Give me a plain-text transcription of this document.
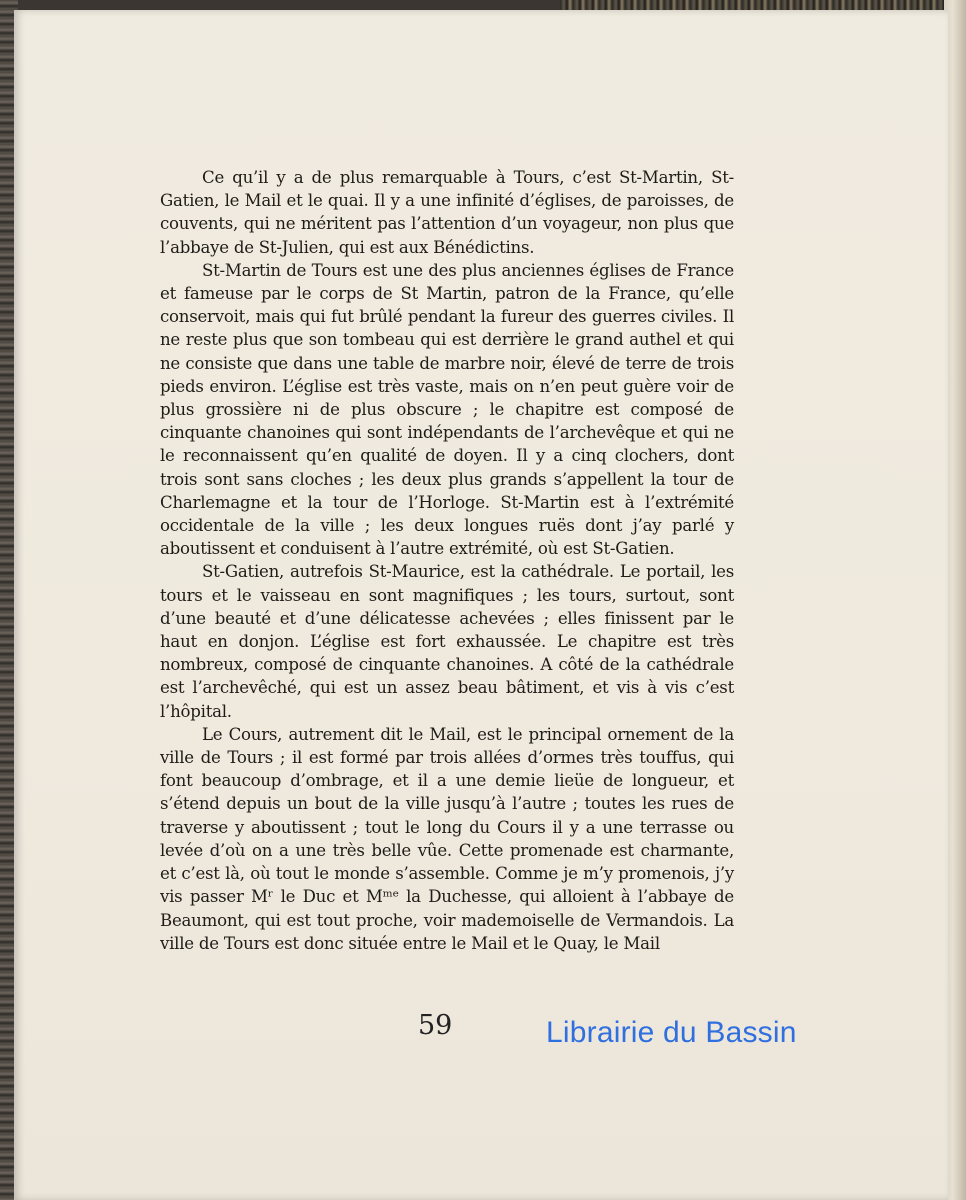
Ce qu’il y a de plus remarquable à Tours, c’est St-Martin, St-Gatien, le Mail et le quai. Il y a une infinité d’églises, de paroisses, de couvents, qui ne méritent pas l’attention d’un voyageur, non plus que l’abbaye de St-Julien, qui est aux Bénédictins.

St-Martin de Tours est une des plus anciennes églises de France et fameuse par le corps de St Martin, patron de la France, qu’elle conservoit, mais qui fut brûlé pendant la fureur des guerres civiles. Il ne reste plus que son tombeau qui est derrière le grand authel et qui ne consiste que dans une table de marbre noir, élevé de terre de trois pieds environ. L’église est très vaste, mais on n’en peut guère voir de plus grossière ni de plus obscure ; le chapitre est composé de cinquante chanoines qui sont indépendants de l’archevêque et qui ne le reconnaissent qu’en qualité de doyen. Il y a cinq clochers, dont trois sont sans cloches ; les deux plus grands s’appellent la tour de Charlemagne et la tour de l’Horloge. St-Martin est à l’extrémité occidentale de la ville ; les deux longues ruës dont j’ay parlé y aboutissent et conduisent à l’autre extrémité, où est St-Gatien.

St-Gatien, autrefois St-Maurice, est la cathédrale. Le portail, les tours et le vaisseau en sont magnifiques ; les tours, surtout, sont d’une beauté et d’une délicatesse achevées ; elles finissent par le haut en donjon. L’église est fort exhaussée. Le chapitre est très nombreux, composé de cinquante chanoines. A côté de la cathédrale est l’archevêché, qui est un assez beau bâtiment, et vis à vis c’est l’hôpital.

Le Cours, autrement dit le Mail, est le principal ornement de la ville de Tours ; il est formé par trois allées d’ormes très touffus, qui font beaucoup d’ombrage, et il a une demie lieüe de longueur, et s’étend depuis un bout de la ville jusqu’à l’autre ; toutes les rues de traverse y aboutissent ; tout le long du Cours il y a une terrasse ou levée d’où on a une très belle vûe. Cette promenade est charmante, et c’est là, où tout le monde s’assemble. Comme je m’y promenois, j’y vis passer Mʳ le Duc et Mᵐᵉ la Duchesse, qui alloient à l’abbaye de Beaumont, qui est tout proche, voir mademoiselle de Vermandois. La ville de Tours est donc située entre le Mail et le Quay, le Mail

59	Librairie du Bassin
